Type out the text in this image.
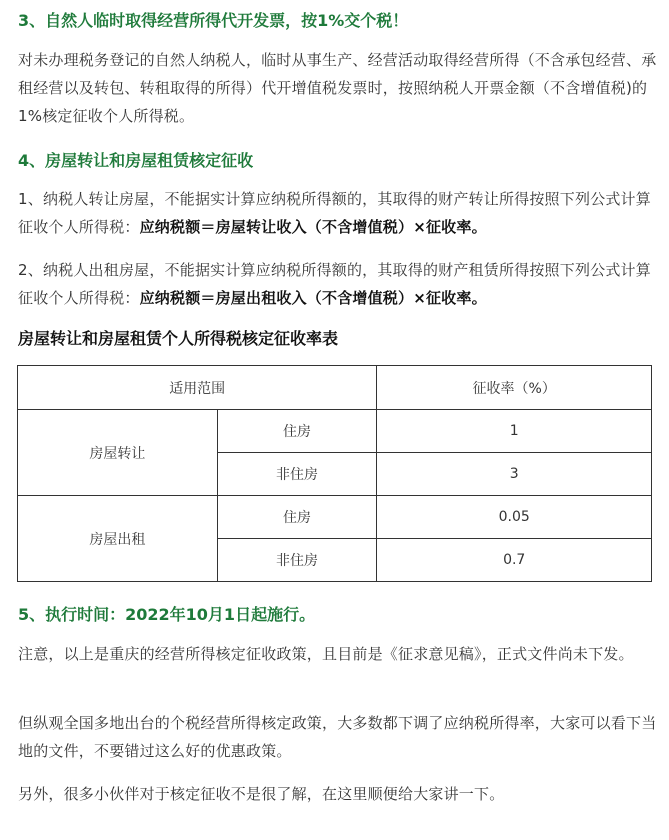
3、自然人临时取得经营所得代开发票，按1%交个税！
对未办理税务登记的自然人纳税人，临时从事生产、经营活动取得经营所得（不含承包经营、承租经营以及转包、转租取得的所得）代开增值税发票时，按照纳税人开票金额（不含增值税)的1%核定征收个人所得税。
4、房屋转让和房屋租赁核定征收
1、纳税人转让房屋，不能据实计算应纳税所得额的，其取得的财产转让所得按照下列公式计算征收个人所得税：应纳税额＝房屋转让收入（不含增值税）×征收率。
2、纳税人出租房屋，不能据实计算应纳税所得额的，其取得的财产租赁所得按照下列公式计算征收个人所得税：应纳税额＝房屋出租收入（不含增值税）×征收率。
房屋转让和房屋租赁个人所得税核定征收率表
适用范围		征收率（%）
房屋转让	住房	1
	非住房	3
房屋出租	住房	0.05
	非住房	0.7
5、执行时间：2022年10月1日起施行。
注意，以上是重庆的经营所得核定征收政策，且目前是《征求意见稿》，正式文件尚未下发。
但纵观全国多地出台的个税经营所得核定政策，大多数都下调了应纳税所得率，大家可以看下当地的文件，不要错过这么好的优惠政策。
另外，很多小伙伴对于核定征收不是很了解，在这里顺便给大家讲一下。
